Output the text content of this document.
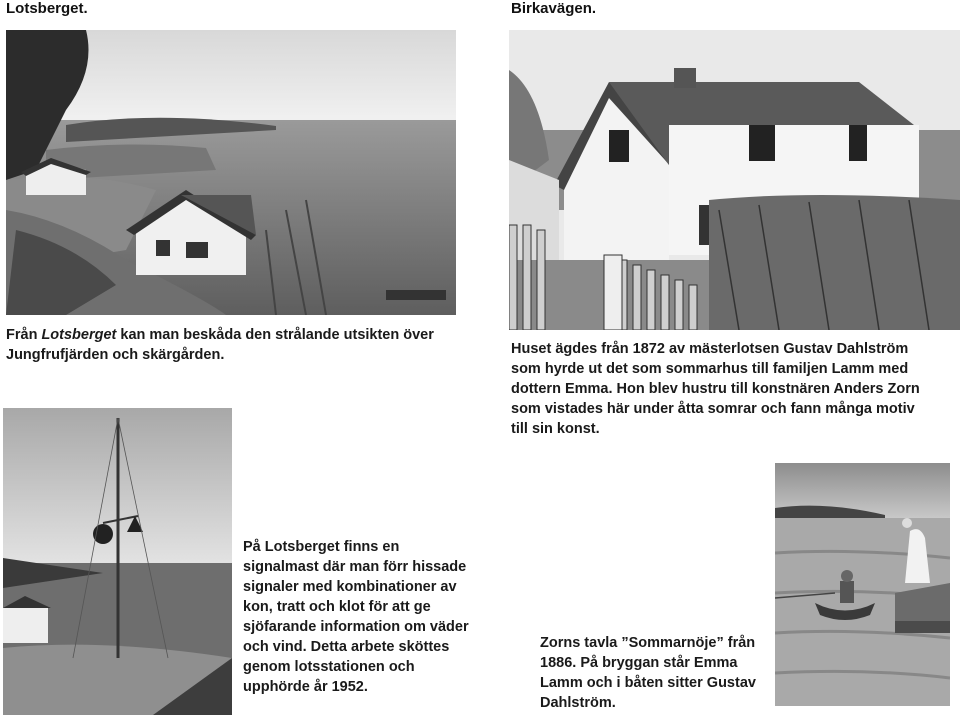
Lotsberget.	Birkavägen.
Från Lotsberget kan man beskåda den strålande utsikten över Jungfrufjärden och skärgården.	Huset ägdes från 1872 av mästerlotsen Gustav Dahlström som hyrde ut det som sommarhus till familjen Lamm med dottern Emma. Hon blev hustru till konstnären Anders Zorn som vistades här under åtta somrar och fann många motiv till sin konst.
På Lotsberget finns en signalmast där man förr hissade signaler med kombinationer av kon, tratt och klot för att ge sjöfarande information om väder och vind. Detta arbete sköttes genom lotsstationen och upphörde år 1952.
Zorns tavla ”Sommarnöje” från 1886. På bryggan står Emma Lamm och i båten sitter Gustav Dahlström.
